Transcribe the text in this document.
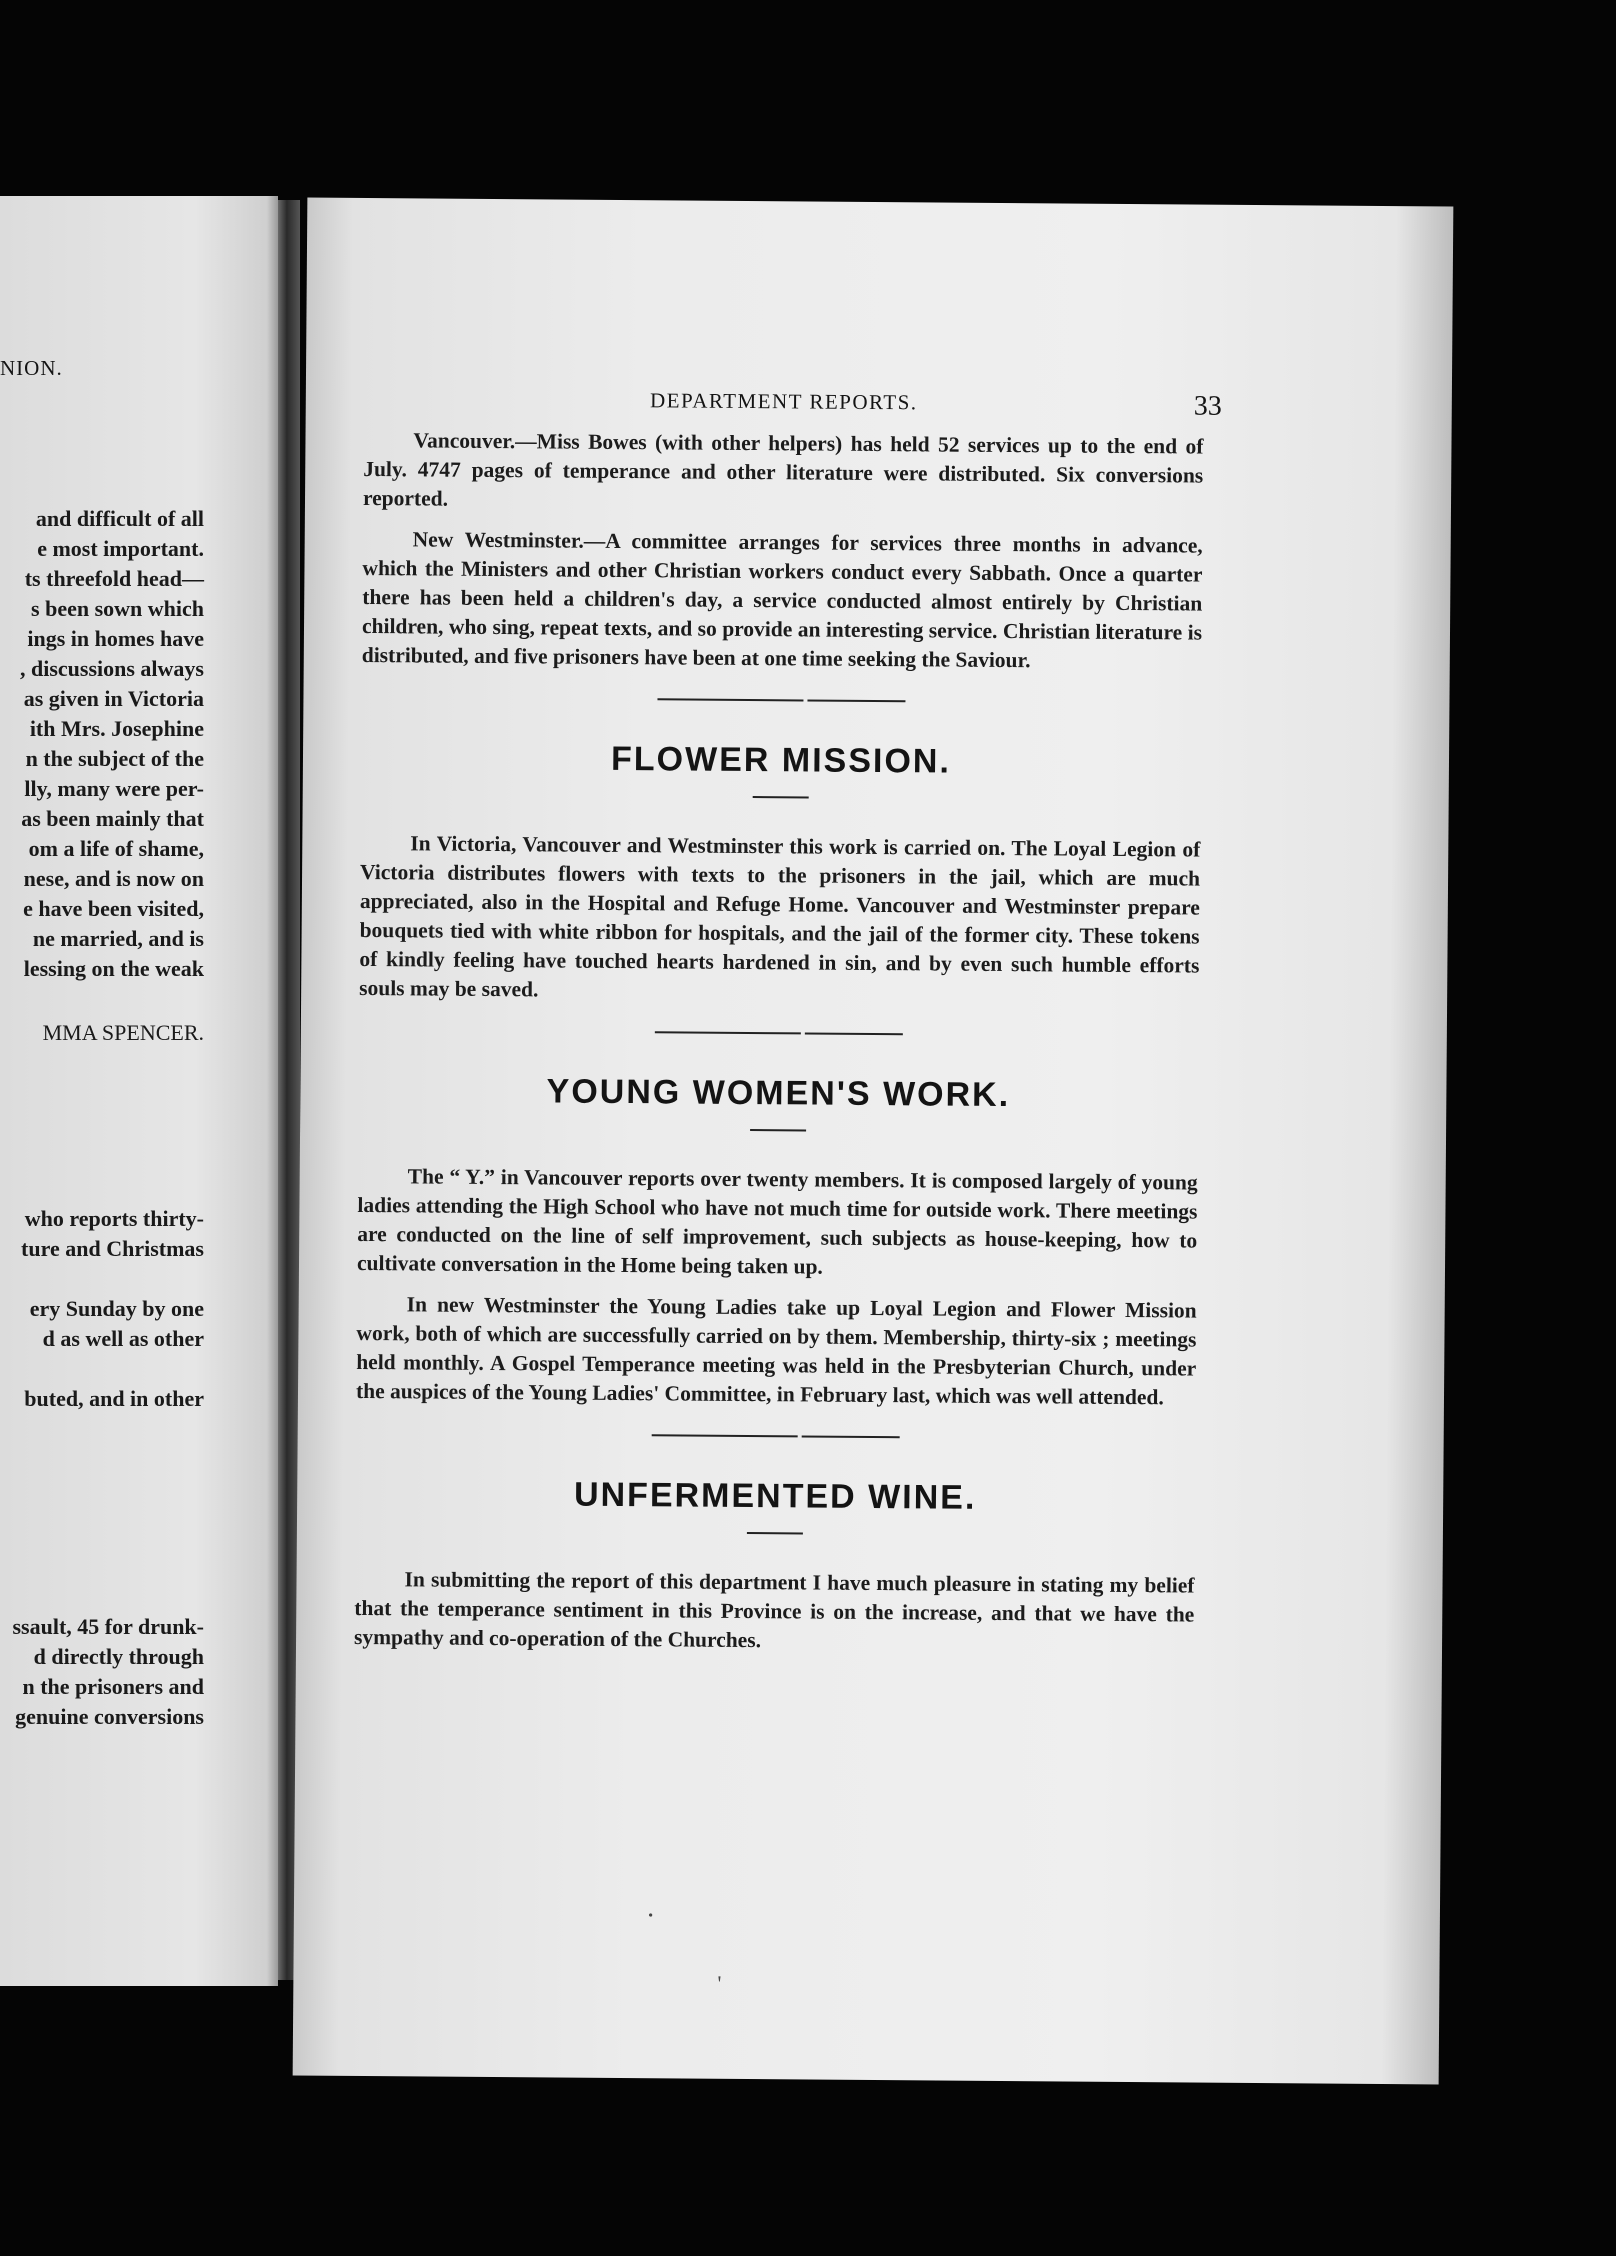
NION.
and difficult of all
e most important.
ts threefold head—
s been sown which
ings in homes have
, discussions always
as given in Victoria
ith Mrs. Josephine
n the subject of the
lly, many were per-
as been mainly that
om a life of shame,
nese, and is now on
e have been visited,
ne married, and is
lessing on the weak
MMA SPENCER.
who reports thirty-
ture and Christmas
ery Sunday by one
d as well as other
buted, and in other
ssault, 45 for drunk-
d directly through
n the prisoners and
genuine conversions
DEPARTMENT REPORTS.	33

Vancouver.—Miss Bowes (with other helpers) has held 52 services up to the end of July. 4747 pages of temperance and other literature were distributed. Six conversions reported.

New Westminster.—A committee arranges for services three months in advance, which the Ministers and other Christian workers conduct every Sabbath. Once a quarter there has been held a children's day, a service conducted almost entirely by Christian children, who sing, repeat texts, and so provide an interesting service. Christian literature is distributed, and five prisoners have been at one time seeking the Saviour.

FLOWER MISSION.

In Victoria, Vancouver and Westminster this work is carried on. The Loyal Legion of Victoria distributes flowers with texts to the prisoners in the jail, which are much appreciated, also in the Hospital and Refuge Home. Vancouver and Westminster prepare bouquets tied with white ribbon for hospitals, and the jail of the former city. These tokens of kindly feeling have touched hearts hardened in sin, and by even such humble efforts souls may be saved.

YOUNG WOMEN'S WORK.

The “ Y.” in Vancouver reports over twenty members. It is composed largely of young ladies attending the High School who have not much time for outside work. There meetings are conducted on the line of self improvement, such subjects as house-keeping, how to cultivate conversation in the Home being taken up.

In new Westminster the Young Ladies take up Loyal Legion and Flower Mission work, both of which are successfully carried on by them. Membership, thirty-six ; meetings held monthly. A Gospel Temperance meeting was held in the Presbyterian Church, under the auspices of the Young Ladies' Committee, in February last, which was well attended.

UNFERMENTED WINE.

In submitting the report of this department I have much pleasure in stating my belief that the temperance sentiment in this Province is on the increase, and that we have the sympathy and co-operation of the Churches.

·
'
